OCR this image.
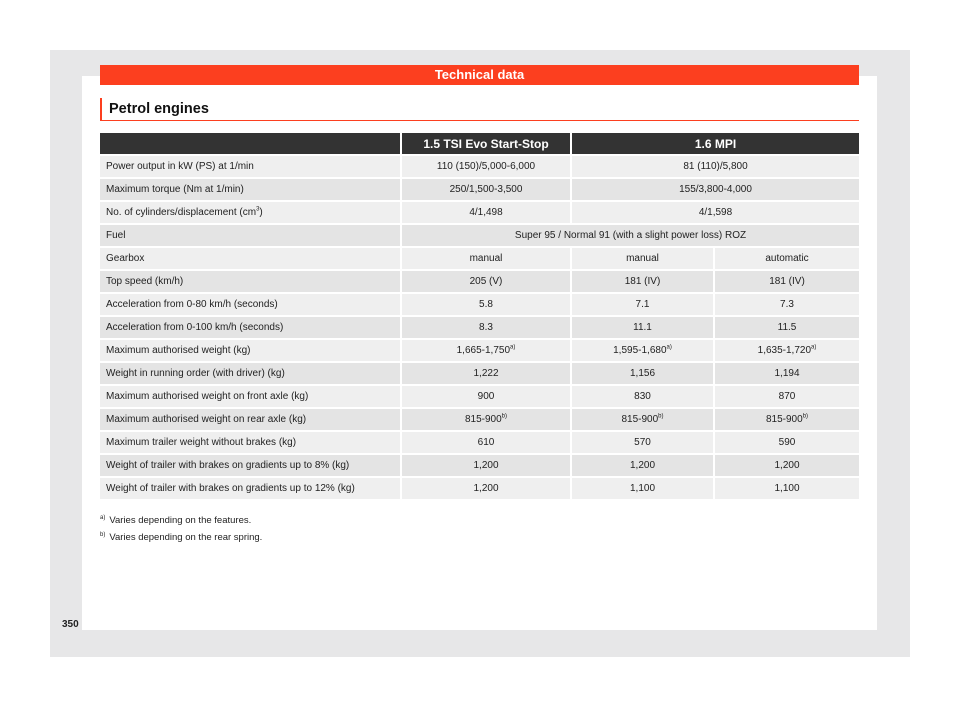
Technical data
Petrol engines
	1.5 TSI Evo Start-Stop	1.6 MPI	
Power output in kW (PS) at 1/min	110 (150)/5,000-6,000	81 (110)/5,800	
Maximum torque (Nm at 1/min)	250/1,500-3,500	155/3,800-4,000	
No. of cylinders/displacement $(cm^3)$	4/1,498	4/1,598	
Fuel	Super 95 / Normal 91 (with a slight power loss) ROZ		
Gearbox	manual	manual	automatic
Top speed (km/h)	205 (V)	181 (IV)	181 (IV)
Acceleration from 0-80 km/h (seconds)	5.8	7.1	7.3
Acceleration from 0-100 km/h (seconds)	8.3	11.1	11.5
Maximum authorised weight (kg)	1,665-1,750$^{a)}$	1,595-1,680$^{a)}$	1,635-1,720$^{a)}$
Weight in running order (with driver) (kg)	1,222	1,156	1,194
Maximum authorised weight on front axle (kg)	900	830	870
Maximum authorised weight on rear axle (kg)	815-900$^{b)}$	815-900$^{b)}$	815-900$^{b)}$
Maximum trailer weight without brakes (kg)	610	570	590
Weight of trailer with brakes on gradients up to 8% (kg)	1,200	1,200	1,200
Weight of trailer with brakes on gradients up to 12% (kg)	1,200	1,100	1,100
$^{a)}$ Varies depending on the features.
$^{b)}$ Varies depending on the rear spring.
350
